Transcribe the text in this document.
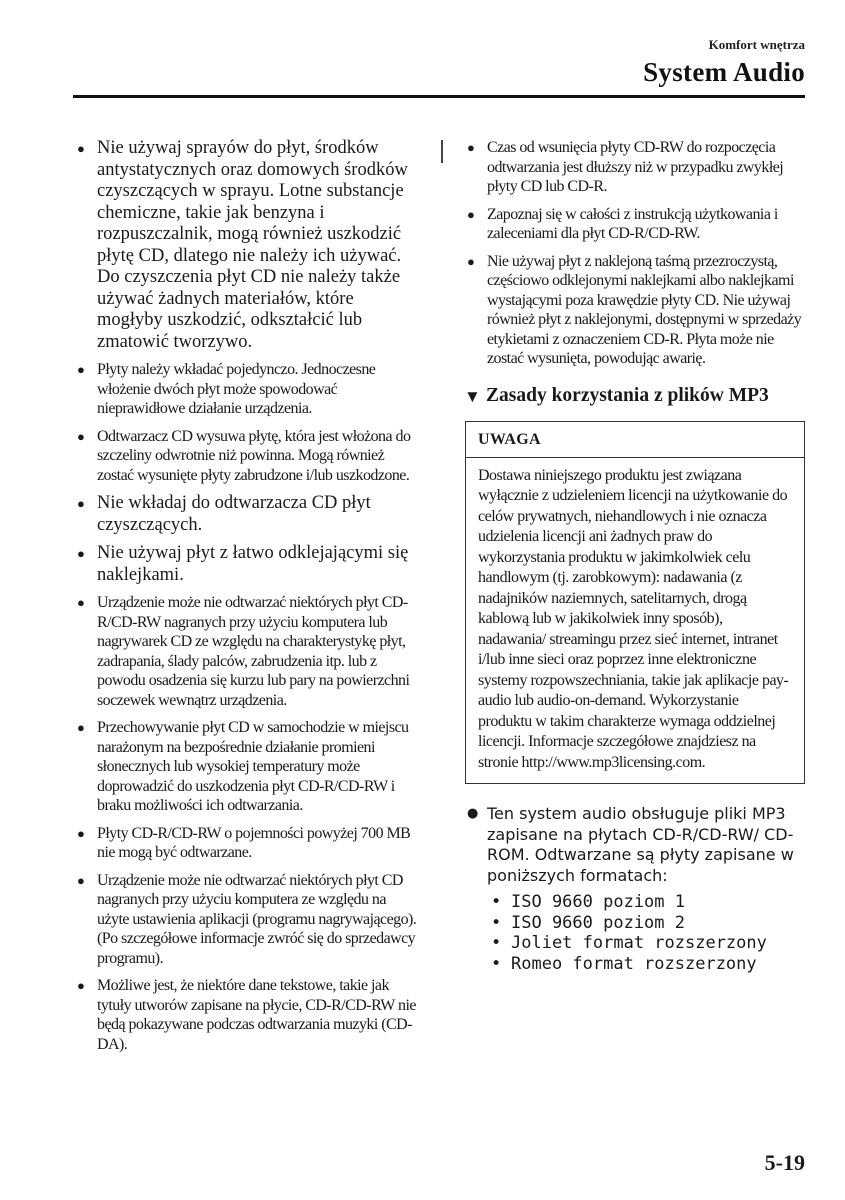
Komfort wnętrza
System Audio
● Nie używaj sprayów do płyt, środków antystatycznych oraz domowych środków czyszczących w sprayu. Lotne substancje chemiczne, takie jak benzyna i rozpuszczalnik, mogą również uszkodzić płytę CD, dlatego nie należy ich używać. Do czyszczenia płyt CD nie należy także używać żadnych materiałów, które mogłyby uszkodzić, odkształcić lub zmatowić tworzywo.
● Płyty należy wkładać pojedynczo. Jednoczesne włożenie dwóch płyt może spowodować nieprawidłowe działanie urządzenia.
● Odtwarzacz CD wysuwa płytę, która jest włożona do szczeliny odwrotnie niż powinna. Mogą również zostać wysunięte płyty zabrudzone i/lub uszkodzone.
● Nie wkładaj do odtwarzacza CD płyt czyszczących.
● Nie używaj płyt z łatwo odklejającymi się naklejkami.
● Urządzenie może nie odtwarzać niektórych płyt CD-R/CD-RW nagranych przy użyciu komputera lub nagrywarek CD ze względu na charakterystykę płyt, zadrapania, ślady palców, zabrudzenia itp. lub z powodu osadzenia się kurzu lub pary na powierzchni soczewek wewnątrz urządzenia.
● Przechowywanie płyt CD w samochodzie w miejscu narażonym na bezpośrednie działanie promieni słonecznych lub wysokiej temperatury może doprowadzić do uszkodzenia płyt CD-R/CD-RW i braku możliwości ich odtwarzania.
● Płyty CD-R/CD-RW o pojemności powyżej 700 MB nie mogą być odtwarzane.
● Urządzenie może nie odtwarzać niektórych płyt CD nagranych przy użyciu komputera ze względu na użyte ustawienia aplikacji (programu nagrywającego). (Po szczegółowe informacje zwróć się do sprzedawcy programu).
● Możliwe jest, że niektóre dane tekstowe, takie jak tytuły utworów zapisane na płycie, CD-R/CD-RW nie będą pokazywane podczas odtwarzania muzyki (CD-DA).
● Czas od wsunięcia płyty CD-RW do rozpoczęcia odtwarzania jest dłuższy niż w przypadku zwykłej płyty CD lub CD-R.
● Zapoznaj się w całości z instrukcją użytkowania i zaleceniami dla płyt CD-R/CD-RW.
● Nie używaj płyt z naklejoną taśmą przezroczystą, częściowo odklejonymi naklejkami albo naklejkami wystającymi poza krawędzie płyty CD. Nie używaj również płyt z naklejonymi, dostępnymi w sprzedaży etykietami z oznaczeniem CD-R. Płyta może nie zostać wysunięta, powodując awarię.
▼ Zasady korzystania z plików MP3
UWAGA
Dostawa niniejszego produktu jest związana wyłącznie z udzieleniem licencji na użytkowanie do celów prywatnych, niehandlowych i nie oznacza udzielenia licencji ani żadnych praw do wykorzystania produktu w jakimkolwiek celu handlowym (tj. zarobkowym): nadawania (z nadajników naziemnych, satelitarnych, drogą kablową lub w jakikolwiek inny sposób), nadawania/ streamingu przez sieć internet, intranet i/lub inne sieci oraz poprzez inne elektroniczne systemy rozpowszechniania, takie jak aplikacje pay-audio lub audio-on-demand. Wykorzystanie produktu w takim charakterze wymaga oddzielnej licencji. Informacje szczegółowe znajdziesz na stronie http://www.mp3licensing.com.
● Ten system audio obsługuje pliki MP3 zapisane na płytach CD-R/CD-RW/ CD-ROM. Odtwarzane są płyty zapisane w poniższych formatach:
• ISO 9660 poziom 1
• ISO 9660 poziom 2
• Joliet format rozszerzony
• Romeo format rozszerzony
5-19
